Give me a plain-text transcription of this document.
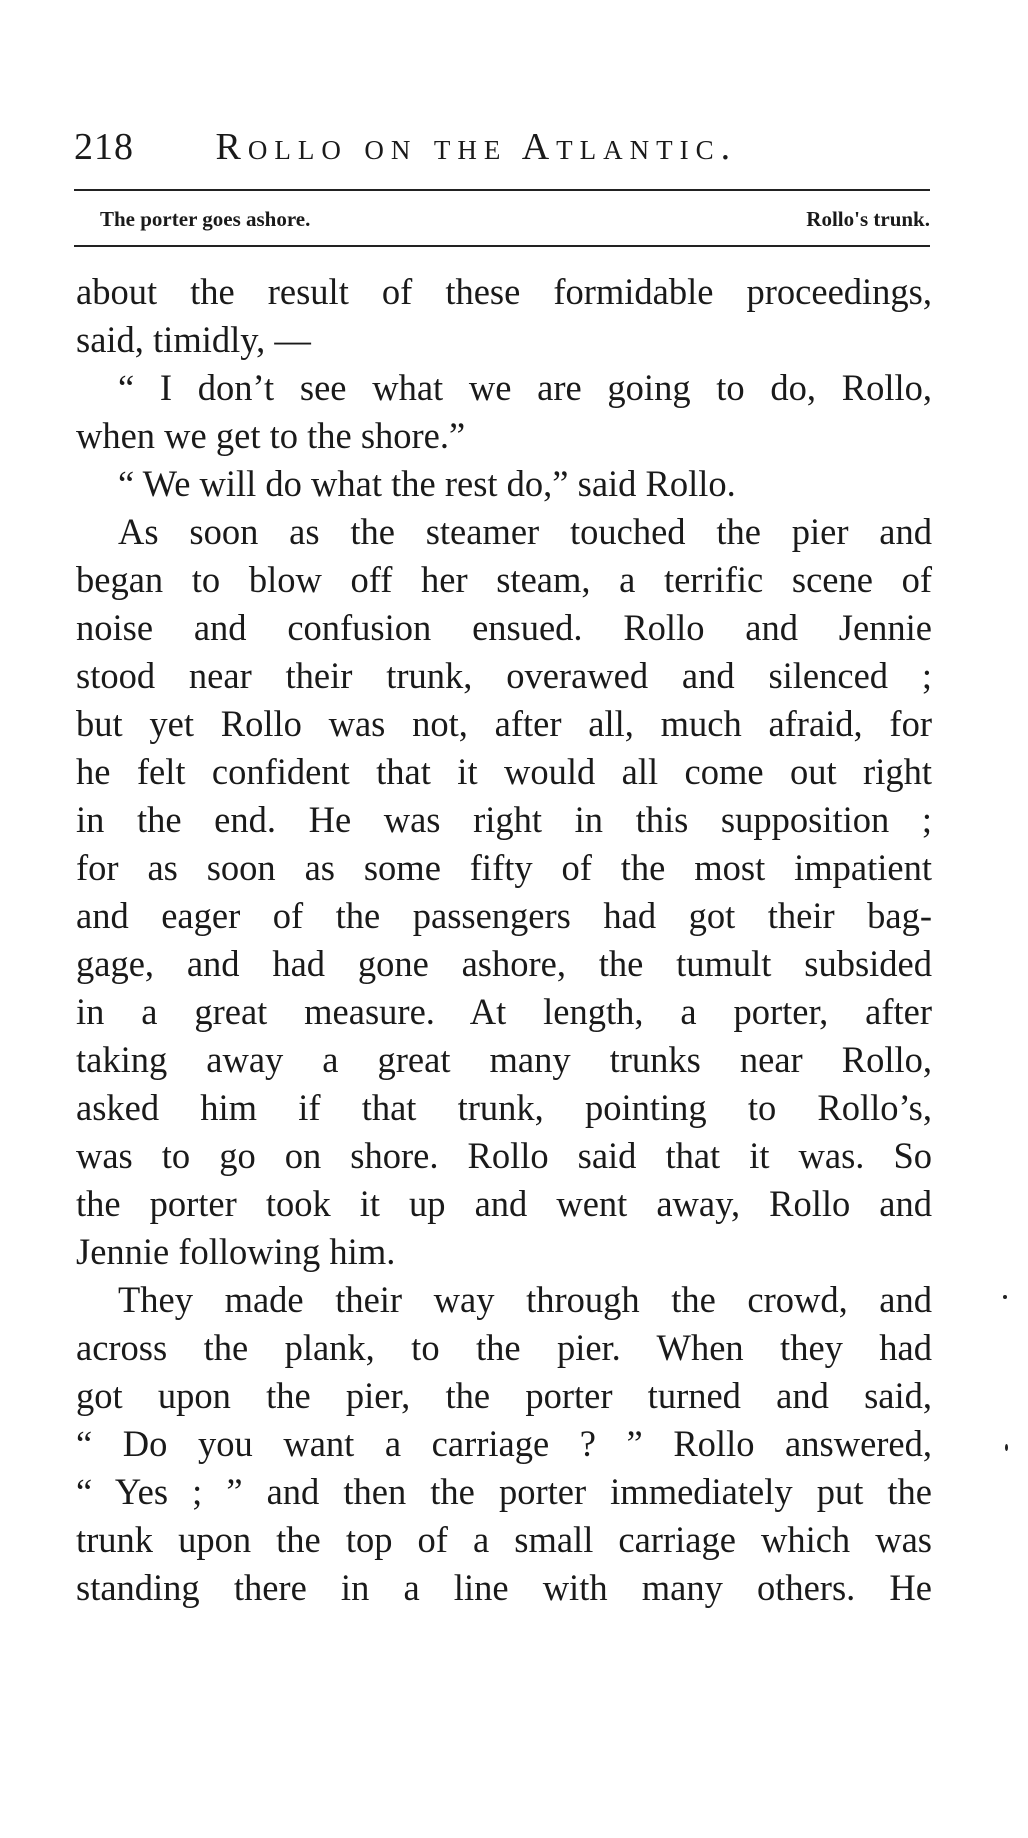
218 Rollo on the Atlantic.
The porter goes ashore.	Rollo's trunk.
about the result of these formidable proceedings,
said, timidly, —
“ I don’t see what we are going to do, Rollo,
when we get to the shore.”
“ We will do what the rest do,” said Rollo.
As soon as the steamer touched the pier and
began to blow off her steam, a terrific scene of
noise and confusion ensued. Rollo and Jennie
stood near their trunk, overawed and silenced ;
but yet Rollo was not, after all, much afraid, for
he felt confident that it would all come out right
in the end. He was right in this supposition ;
for as soon as some fifty of the most impatient
and eager of the passengers had got their bag-
gage, and had gone ashore, the tumult subsided
in a great measure. At length, a porter, after
taking away a great many trunks near Rollo,
asked him if that trunk, pointing to Rollo’s,
was to go on shore. Rollo said that it was. So
the porter took it up and went away, Rollo and
Jennie following him.
They made their way through the crowd, and
across the plank, to the pier. When they had
got upon the pier, the porter turned and said,
“ Do you want a carriage ? ” Rollo answered,
“ Yes ; ” and then the porter immediately put the
trunk upon the top of a small carriage which was
standing there in a line with many others. He
